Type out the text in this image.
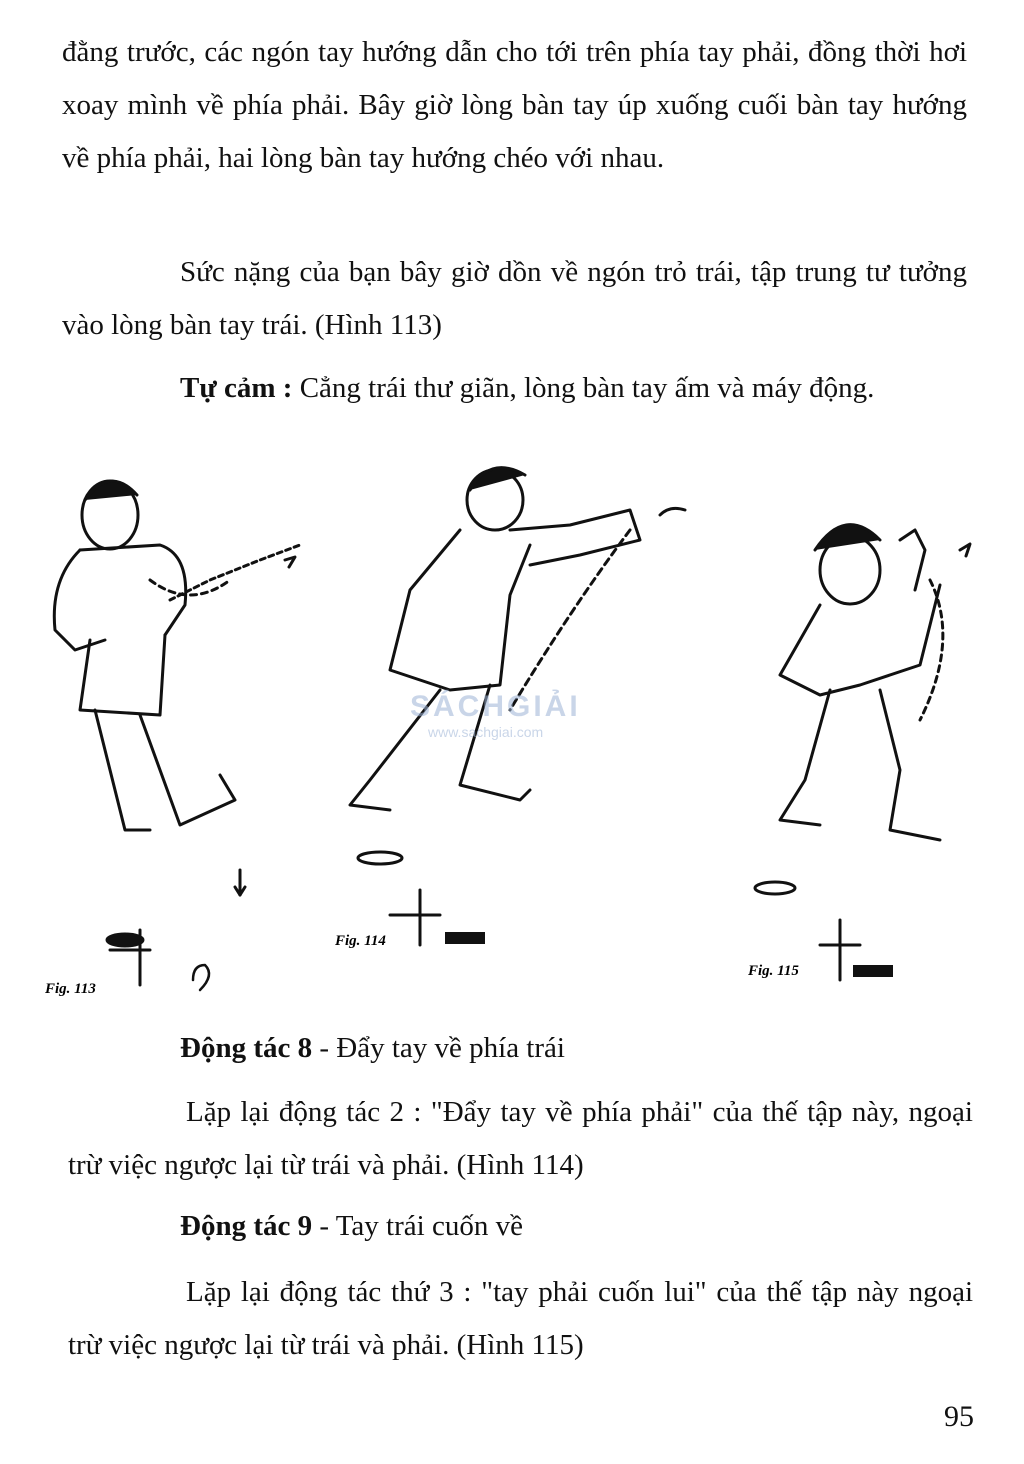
đằng trước, các ngón tay hướng dẫn cho tới trên phía tay phải, đồng thời hơi xoay mình về phía phải. Bây giờ lòng bàn tay úp xuống cuối bàn tay hướng về phía phải, hai lòng bàn tay hướng chéo với nhau.

Sức nặng của bạn bây giờ dồn về ngón trỏ trái, tập trung tư tưởng vào lòng bàn tay trái. (Hình 113)

Tự cảm : Cẳng trái thư giãn, lòng bàn tay ấm và máy động.

Fig. 113
Fig. 114
Fig. 115
SÁCHGIẢI
www.sachgiai.com

Động tác 8 - Đẩy tay về phía trái

Lặp lại động tác 2 : "Đẩy tay về phía phải" của thế tập này, ngoại trừ việc ngược lại từ trái và phải. (Hình 114)

Động tác 9 - Tay trái cuốn về

Lặp lại động tác thứ 3 : "tay phải cuốn lui" của thế tập này ngoại trừ việc ngược lại từ trái và phải. (Hình 115)

95
